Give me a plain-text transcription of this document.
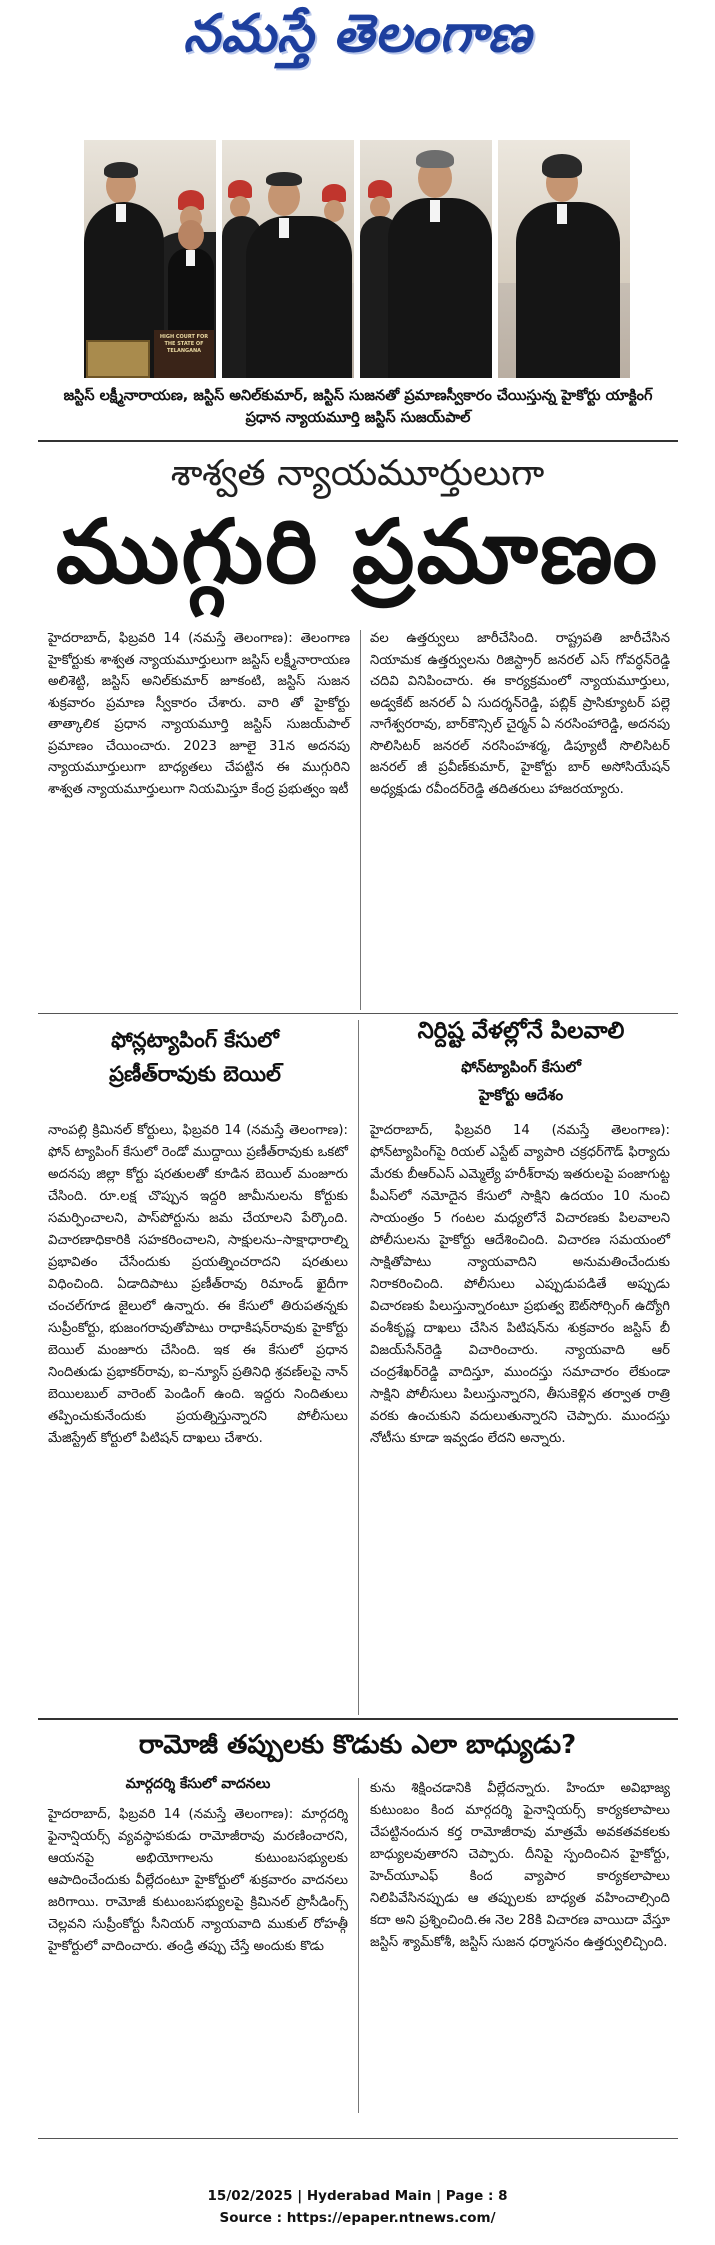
నమస్తే తెలంగాణ
HIGH COURT FOR THE STATE OF TELANGANA
జస్టిస్ లక్ష్మీనారాయణ, జస్టిస్ అనిల్‌కుమార్, జస్టిస్ సుజనతో ప్రమాణస్వీకారం చేయిస్తున్న హైకోర్టు యాక్టింగ్ ప్రధాన న్యాయమూర్తి జస్టిస్ సుజయ్‌పాల్
శాశ్వత న్యాయమూర్తులుగా
ముగ్గురి ప్రమాణం
హైదరాబాద్, ఫిబ్రవరి 14 (నమస్తే తెలంగాణ): తెలంగాణ హైకోర్టుకు శాశ్వత న్యాయమూర్తులుగా జస్టిస్ లక్ష్మీనారాయణ అలిశెట్టి, జస్టిస్ అనిల్‌కుమార్ జూకంటి, జస్టిస్ సుజన శుక్రవారం ప్రమాణ స్వీకారం చేశారు. వారి తో హైకోర్టు తాత్కాలిక ప్రధాన న్యాయమూర్తి జస్టిస్ సుజయ్‌పాల్ ప్రమాణం చేయించారు. 2023 జూలై 31న అదనపు న్యాయమూర్తులుగా బాధ్యతలు చేపట్టిన ఈ ముగ్గురిని శాశ్వత న్యాయమూర్తులుగా నియమిస్తూ కేంద్ర ప్రభుత్వం ఇటీ
వల ఉత్తర్వులు జారీచేసింది. రాష్ట్రపతి జారీచేసిన నియామక ఉత్తర్వులను రిజిస్ట్రార్ జనరల్ ఎస్ గోవర్ధన్‌రెడ్డి చదివి వినిపించారు. ఈ కార్యక్రమంలో న్యాయమూర్తులు, అడ్వకేట్ జనరల్ ఏ సుదర్శన్‌రెడ్డి, పబ్లిక్ ప్రాసిక్యూటర్ పల్లె నాగేశ్వరరావు, బార్‌కౌన్సిల్ చైర్మన్ ఏ నరసింహారెడ్డి, అదనపు సొలిసిటర్ జనరల్ నరసింహశర్మ, డిప్యూటీ సొలిసిటర్ జనరల్ జీ ప్రవీణ్‌కుమార్, హైకోర్టు బార్ అసోసియేషన్ అధ్యక్షుడు రవీందర్‌రెడ్డి తదితరులు హాజరయ్యారు.
ఫోన్లట్యాపింగ్ కేసులో
ప్రణీత్‌రావుకు బెయిల్
నాంపల్లి క్రిమినల్ కోర్టులు, ఫిబ్రవరి 14 (నమస్తే తెలంగాణ): ఫోన్ ట్యాపింగ్ కేసులో రెండో ముద్దాయి ప్రణీత్‌రావుకు ఒకటో అదనపు జిల్లా కోర్టు షరతులతో కూడిన బెయిల్ మంజూరు చేసింది. రూ.లక్ష చొప్పున ఇద్దరి జామీనులను కోర్టుకు సమర్పించాలని, పాస్‌పోర్టును జమ చేయాలని పేర్కొంది. విచారణాధికారికి సహకరించాలని, సాక్షులను–సాక్షాధారాల్ని ప్రభావితం చేసేందుకు ప్రయత్నించరాదని షరతులు విధించింది. ఏడాదిపాటు ప్రణీత్‌రావు రిమాండ్ ఖైదీగా చంచల్‌గూడ జైలులో ఉన్నారు. ఈ కేసులో తిరుపతన్నకు సుప్రీంకోర్టు, భుజంగరావుతోపాటు రాధాకిషన్‌రావుకు హైకోర్టు బెయిల్ మంజూరు చేసింది. ఇక ఈ కేసులో ప్రధాన నిందితుడు ప్రభాకర్‌రావు, ఐ–న్యూస్ ప్రతినిధి శ్రవణ్‌లపై నాన్ బెయిలబుల్ వారెంట్ పెండింగ్ ఉంది. ఇద్దరు నిందితులు తప్పించుకునేందుకు ప్రయత్నిస్తున్నారని పోలీసులు మేజిస్ట్రేట్ కోర్టులో పిటిషన్ దాఖలు చేశారు.
నిర్దిష్ట వేళల్లోనే పిలవాలి
ఫోన్‌ట్యాపింగ్ కేసులో
హైకోర్టు ఆదేశం
హైదరాబాద్, ఫిబ్రవరి 14 (నమస్తే తెలంగాణ): ఫోన్‌ట్యాపింగ్‌పై రియల్ ఎస్టేట్ వ్యాపారి చక్రధర్‌గౌడ్ ఫిర్యాదు మేరకు బీఆర్ఎస్ ఎమ్మెల్యే హరీశ్‌రావు ఇతరులపై పంజాగుట్ట పీఎస్‌లో నమోదైన కేసులో సాక్షిని ఉదయం 10 నుంచి సాయంత్రం 5 గంటల మధ్యలోనే విచారణకు పిలవాలని పోలీసులను హైకోర్టు ఆదేశించింది. విచారణ సమయంలో సాక్షితోపాటు న్యాయవాదిని అనుమతించేందుకు నిరాకరించింది. పోలీసులు ఎప్పుడుపడితే అప్పుడు విచారణకు పిలుస్తున్నారంటూ ప్రభుత్వ ఔట్‌సోర్సింగ్ ఉద్యోగి వంశీకృష్ణ దాఖలు చేసిన పిటిషన్‌ను శుక్రవారం జస్టిస్ బీ విజయ్‌సేన్‌రెడ్డి విచారించారు. న్యాయవాది ఆర్ చంద్రశేఖర్‌రెడ్డి వాదిస్తూ, ముందస్తు సమాచారం లేకుండా సాక్షిని పోలీసులు పిలుస్తున్నారని, తీసుకెళ్లిన తర్వాత రాత్రి వరకు ఉంచుకుని వదులుతున్నారని చెప్పారు. ముందస్తు నోటీసు కూడా ఇవ్వడం లేదని అన్నారు.
రామోజీ తప్పులకు కొడుకు ఎలా బాధ్యుడు?
మార్గదర్శి కేసులో వాదనలు
హైదరాబాద్, ఫిబ్రవరి 14 (నమస్తే తెలంగాణ): మార్గదర్శి ఫైనాన్షియర్స్ వ్యవస్థాపకుడు రామోజీరావు మరణించారని, ఆయనపై అభియోగాలను కుటుంబసభ్యులకు ఆపాదించేందుకు వీల్లేదంటూ హైకోర్టులో శుక్రవారం వాదనలు జరిగాయి. రామోజీ కుటుంబసభ్యులపై క్రిమినల్ ప్రొసీడింగ్స్ చెల్లవని సుప్రీంకోర్టు సీనియర్ న్యాయవాది ముకుల్ రోహత్గీ హైకోర్టులో వాదించారు. తండ్రి తప్పు చేస్తే అందుకు కొడు
కును శిక్షించడానికి వీల్లేదన్నారు. హిందూ అవిభాజ్య కుటుంబం కింద మార్గదర్శి ఫైనాన్షియర్స్ కార్యకలాపాలు చేపట్టినందున కర్త రామోజీరావు మాత్రమే అవకతవకలకు బాధ్యులవుతారని చెప్పారు. దీనిపై స్పందించిన హైకోర్టు, హెచ్‌యూఎఫ్ కింద వ్యాపార కార్యకలాపాలు నిలిపివేసినప్పుడు ఆ తప్పులకు బాధ్యత వహించాల్సింది కదా అని ప్రశ్నించింది.ఈ నెల 28కి విచారణ వాయిదా వేస్తూ జస్టిస్ శ్యామ్‌కోశీ, జస్టిస్ సుజన ధర్మాసనం ఉత్తర్వులిచ్చింది.
15/02/2025 | Hyderabad Main | Page : 8
Source : https://epaper.ntnews.com/
